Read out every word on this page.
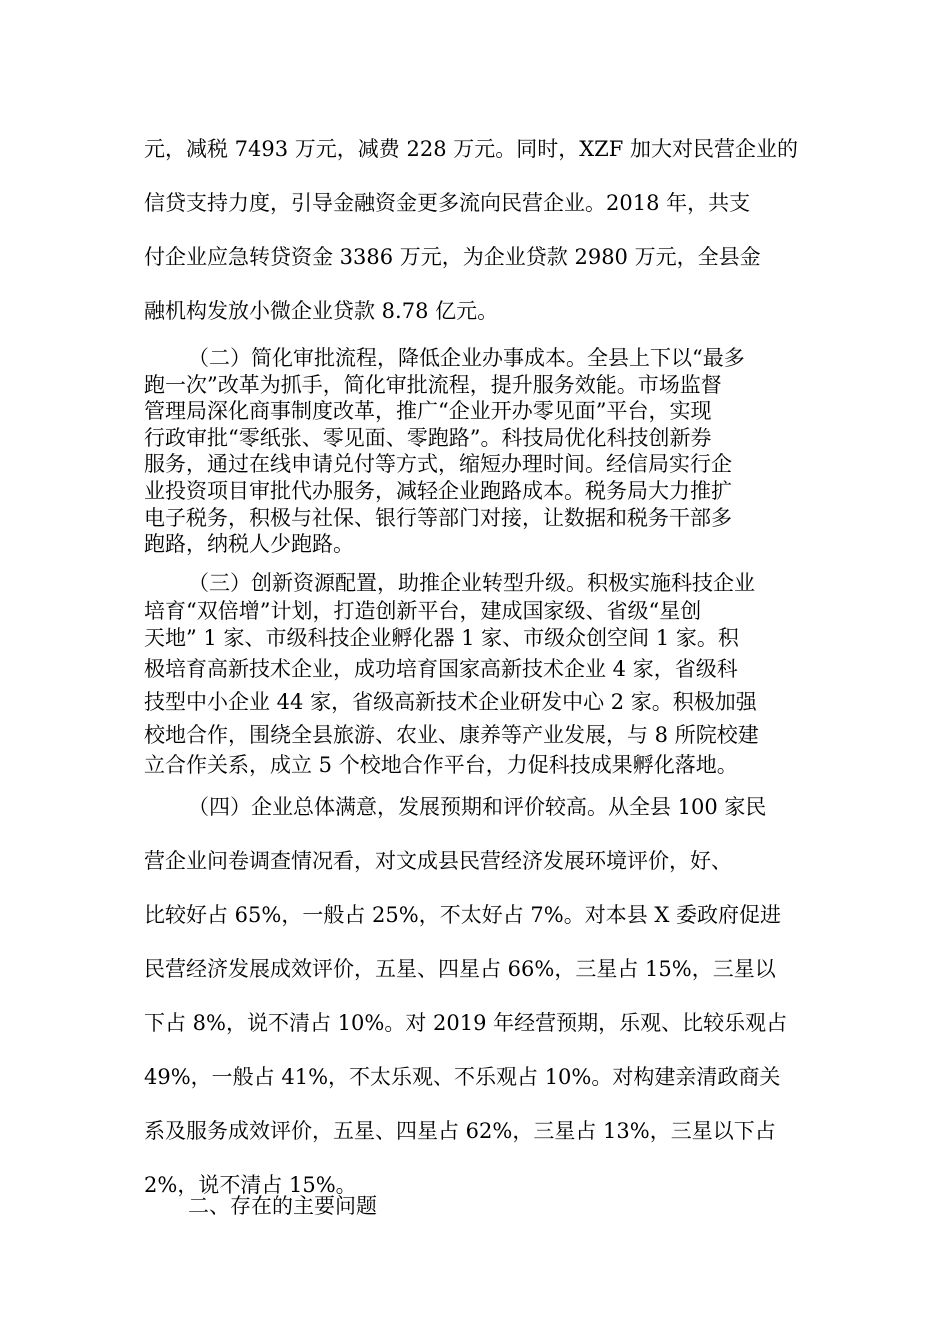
元，减税 7493 万元，减费 228 万元。同时，XZF 加大对民营企业的
信贷支持力度，引导金融资金更多流向民营企业。2018 年，共支
付企业应急转贷资金 3386 万元，为企业贷款 2980 万元，全县金
融机构发放小微企业贷款 8.78 亿元。
（二）简化审批流程，降低企业办事成本。全县上下以“最多
跑一次”改革为抓手，简化审批流程，提升服务效能。市场监督
管理局深化商事制度改革，推广“企业开办零见面”平台，实现
行政审批“零纸张、零见面、零跑路”。科技局优化科技创新券
服务，通过在线申请兑付等方式，缩短办理时间。经信局实行企
业投资项目审批代办服务，减轻企业跑路成本。税务局大力推扩
电子税务，积极与社保、银行等部门对接，让数据和税务干部多
跑路，纳税人少跑路。
（三）创新资源配置，助推企业转型升级。积极实施科技企业
培育“双倍增”计划，打造创新平台，建成国家级、省级“星创
天地” 1 家、市级科技企业孵化器 1 家、市级众创空间 1 家。积
极培育高新技术企业，成功培育国家高新技术企业 4 家，省级科
技型中小企业 44 家，省级高新技术企业研发中心 2 家。积极加强
校地合作，围绕全县旅游、农业、康养等产业发展，与 8 所院校建
立合作关系，成立 5 个校地合作平台，力促科技成果孵化落地。
（四）企业总体满意，发展预期和评价较高。从全县 100 家民
营企业问卷调查情况看，对文成县民营经济发展环境评价，好、
比较好占 65%，一般占 25%，不太好占 7%。对本县 X 委政府促进
民营经济发展成效评价，五星、四星占 66%，三星占 15%，三星以
下占 8%，说不清占 10%。对 2019 年经营预期，乐观、比较乐观占
49%，一般占 41%，不太乐观、不乐观占 10%。对构建亲清政商关
系及服务成效评价，五星、四星占 62%，三星占 13%，三星以下占
2%，说不清占 15%。
二、存在的主要问题
